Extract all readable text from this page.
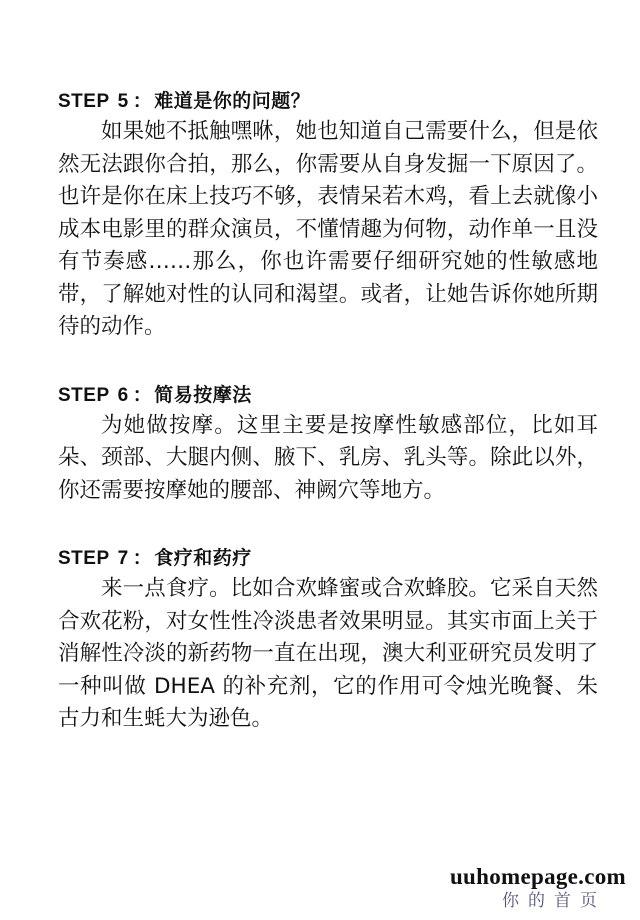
STEP 5 ： 难道是你的问题？
如果她不抵触嘿咻，她也知道自己需要什么，但是依然无法跟你合拍，那么，你需要从自身发掘一下原因了。也许是你在床上技巧不够，表情呆若木鸡，看上去就像小成本电影里的群众演员，不懂情趣为何物，动作单一且没有节奏感……那么，你也许需要仔细研究她的性敏感地带，了解她对性的认同和渴望。或者，让她告诉你她所期待的动作。
STEP 6 ： 简易按摩法
为她做按摩。这里主要是按摩性敏感部位，比如耳朵、颈部、大腿内侧、腋下、乳房、乳头等。除此以外，你还需要按摩她的腰部、神阙穴等地方。
STEP 7 ： 食疗和药疗
来一点食疗。比如合欢蜂蜜或合欢蜂胶。它采自天然合欢花粉，对女性性冷淡患者效果明显。其实市面上关于消解性冷淡的新药物一直在出现，澳大利亚研究员发明了一种叫做 DHEA 的补充剂，它的作用可令烛光晚餐、朱古力和生蚝大为逊色。
uuhomepage.com
你的首页
